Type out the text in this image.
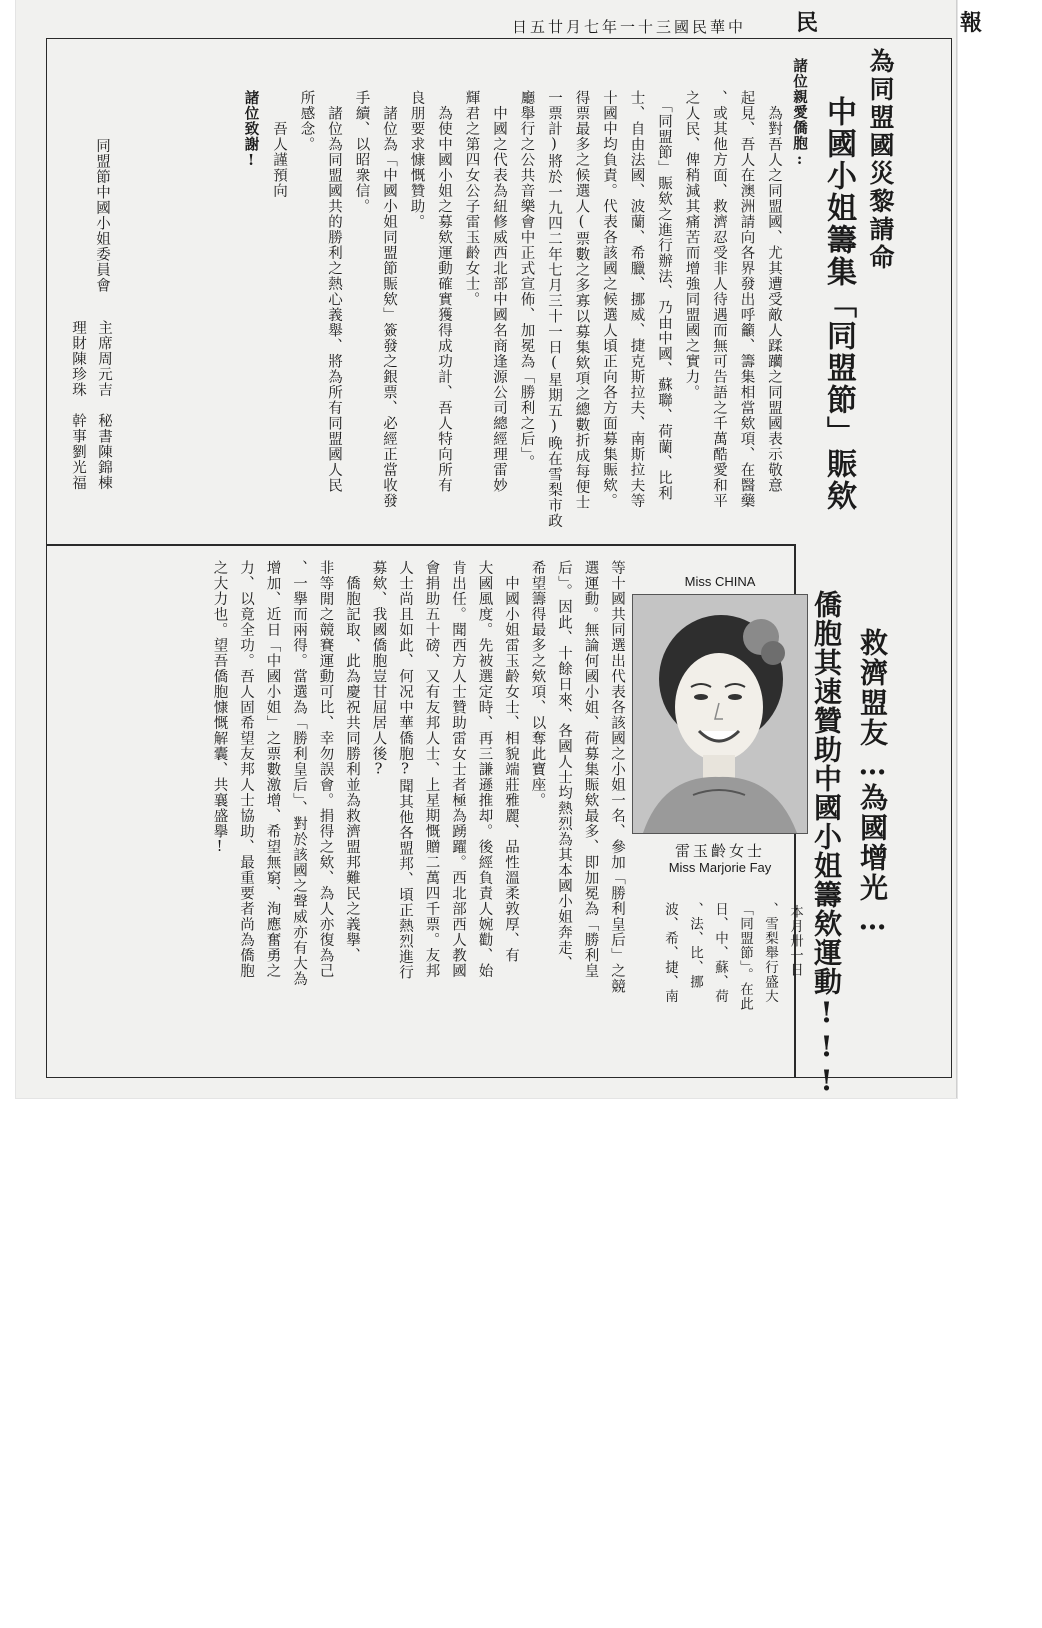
民　報
中華民國三十一年七月廿五日
為同盟國災黎請命
中國小姐籌集「同盟節」賑欸
諸位親愛僑胞:
　為對吾人之同盟國、尤其遭受敵人蹂躪之同盟國表示敬意
起見、吾人在澳洲請向各界發出呼籲、籌集相當欸項、在醫藥
、或其他方面、救濟忍受非人待遇而無可告語之千萬酷愛和平
之人民、俾稍減其痛苦而增強同盟國之實力。
　「同盟節」賑欸之進行辦法、乃由中國、蘇聯、荷蘭、比利
士、自由法國、波蘭、希臘、挪威、捷克斯拉夫、南斯拉夫等
十國中均負責。代表各該國之候選人頃正向各方面募集賑欸。
得票最多之候選人(票數之多寡以募集欸項之總數折成每便士
一票計)將於一九四二年七月三十一日(星期五)晚在雪梨市政
廳舉行之公共音樂會中正式宣佈、加冕為「勝利之后」。
　中國之代表為紐修威西北部中國名商逢源公司總經理雷妙
輝君之第四女公子雷玉齡女士。
　為使中國小姐之募欸運動確實獲得成功計、吾人特向所有
良朋要求慷慨贊助。
　諸位為「中國小姐同盟節賑欸」簽發之銀票、必經正當收發
手續、以昭衆信。
　諸位為同盟國共的勝利之熱心義舉、將為所有同盟國人民
所感念。
　　吾人謹預向
諸位致謝!
同盟節中國小姐委員會
主席周元吉　秘書陳錦棟
理財陳珍珠　幹事劉光福
救濟盟友…為國增光…
僑胞其速贊助中國小姐籌欸運動!!!
　本月卅一日
、雪梨舉行盛大
「同盟節」。在此
日、中、蘇、荷
、法、比、挪
波、希、捷、南
等十國共同選出代表各該國之小姐一名、參加「勝利皇后」之競
選運動。無論何國小姐、荷募集賑欸最多、即加冕為「勝利皇
后」。因此、十餘日來、各國人士均熱烈為其本國小姐奔走、
希望籌得最多之欸項、以奪此寶座。
　中國小姐雷玉齡女士、相貌端莊雅麗、品性溫柔敦厚、有
大國風度。先被選定時、再三謙遜推却。後經負責人婉勸、始
肯出任。聞西方人士贊助雷女士者極為踴躍。西北部西人教國
會捐助五十磅、又有友邦人士、上星期慨贈二萬四千票。友邦
人士尚且如此、何况中華僑胞?聞其他各盟邦、頃正熱烈進行
募欸、我國僑胞豈甘屈居人後?
　僑胞記取、此為慶祝共同勝利並為救濟盟邦難民之義擧、
非等閒之競賽運動可比、幸勿誤會。捐得之欸、為人亦復為己
、一擧而兩得。當選為「勝利皇后」、對於該國之聲威亦有大為
增加、近日「中國小姐」之票數激增、希望無窮、洵應奮勇之
力、以竟全功。吾人固希望友邦人士協助、最重要者尚為僑胞
之大力也。望吾僑胞慷慨解囊、共襄盛擧!	Miss CHINA
雷玉齡女士
Miss Marjorie Fay
